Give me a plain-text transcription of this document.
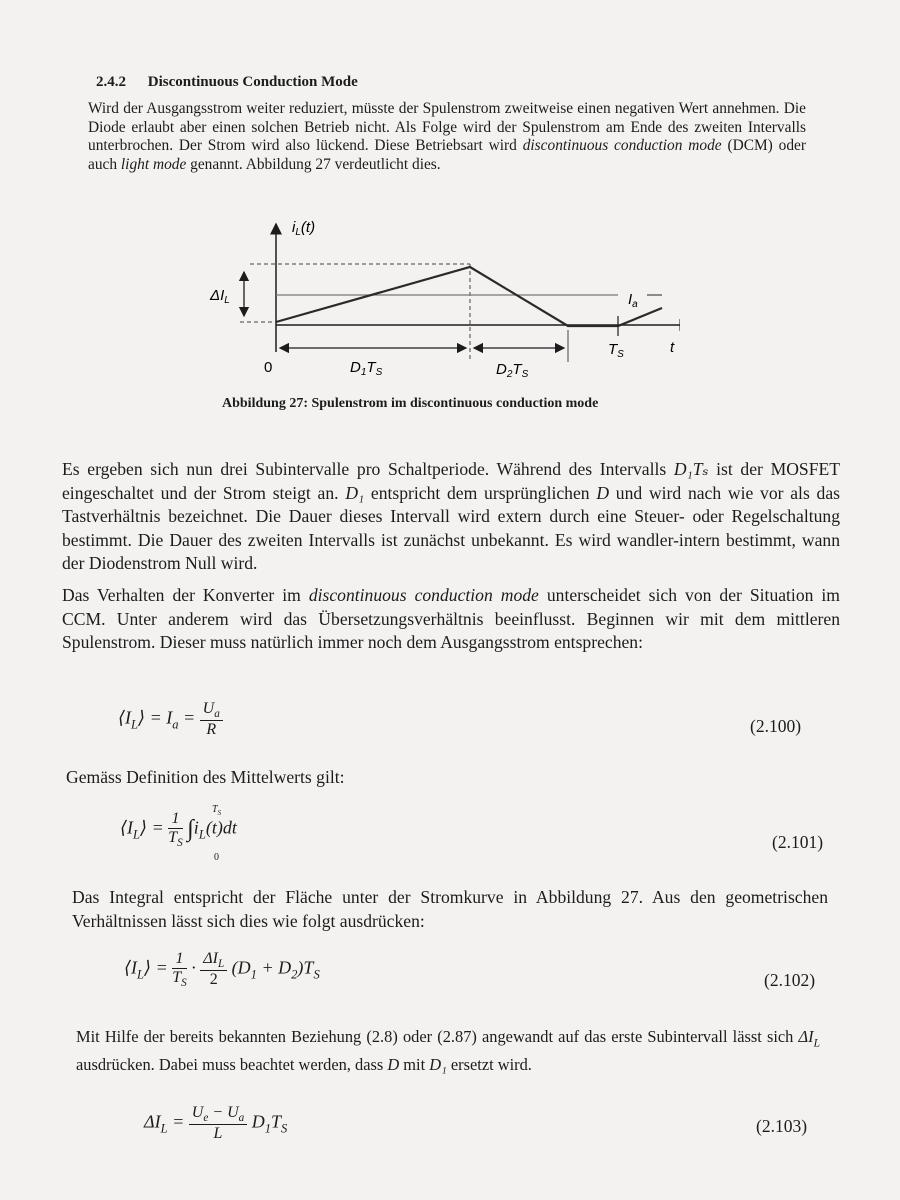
2.4.2 Discontinuous Conduction Mode
Wird der Ausgangsstrom weiter reduziert, müsste der Spulenstrom zweitweise einen negativen Wert annehmen. Die Diode erlaubt aber einen solchen Betrieb nicht. Als Folge wird der Spulenstrom am Ende des zweiten Intervalls unterbrochen. Der Strom wird also lückend. Diese Betriebsart wird discontinuous conduction mode (DCM) oder auch light mode genannt. Abbildung 27 verdeutlicht dies.
$i_L(t)$
$\Delta I_L$	$I_a$
$T_S$	t
0	$D_1T_S$	$D_2T_S$
Abbildung 27: Spulenstrom im discontinuous conduction mode
Es ergeben sich nun drei Subintervalle pro Schaltperiode. Während des Intervalls D₁Tₛ ist der MOSFET eingeschaltet und der Strom steigt an. D₁ entspricht dem ursprünglichen D und wird nach wie vor als das Tastverhältnis bezeichnet. Die Dauer dieses Intervall wird extern durch eine Steuer- oder Regelschaltung bestimmt. Die Dauer des zweiten Intervalls ist zunächst unbekannt. Es wird wandler-intern bestimmt, wann der Diodenstrom Null wird.
Das Verhalten der Konverter im discontinuous conduction mode unterscheidet sich von der Situation im CCM. Unter anderem wird das Übersetzungsverhältnis beeinflusst. Beginnen wir mit dem mittleren Spulenstrom. Dieser muss natürlich immer noch dem Ausgangsstrom entsprechen:
$⟨I_L⟩ = I_a = \frac{U_a}{R}$	(2.100)
Gemäss Definition des Mittelwerts gilt:
$⟨I_L⟩ = \frac{1}{T_S} \int i_L(t)dt$
$T_S$
0
(2.101)
Das Integral entspricht der Fläche unter der Stromkurve in Abbildung 27. Aus den geometrischen Verhältnissen lässt sich dies wie folgt ausdrücken:
$⟨I_L⟩ = \frac{1}{T_S} \cdot \frac{\Delta I_L}{2} (D_1 + D_2)T_S$	(2.102)
Mit Hilfe der bereits bekannten Beziehung (2.8) oder (2.87) angewandt auf das erste Subintervall lässt sich $\Delta I_L$ ausdrücken. Dabei muss beachtet werden, dass D mit D₁ ersetzt wird.
$\Delta I_L = \frac{U_e - U_a}{L} D_1T_S$	(2.103)
